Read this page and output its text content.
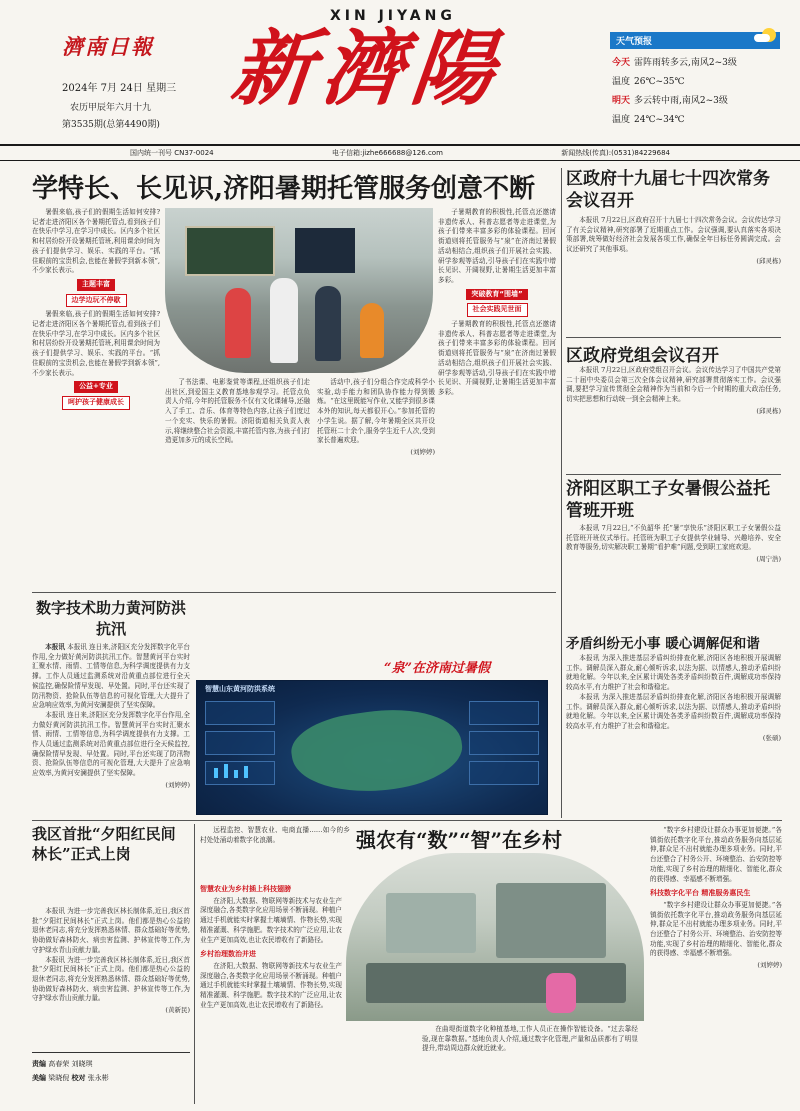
濟南日報
2024年 7月 24日 星期三
农历甲辰年六月十九
第3535期(总第4490期)
XIN JIYANG
新濟陽	天气预报
今天 雷阵雨转多云,南风2~3级
温度 26℃~35℃
明天 多云转中雨,南风2~3级
温度 24℃~34℃
国内统一刊号 CN37-0024	电子信箱:jizhe666688@126.com	新闻热线(传真):(0531)84229684
学特长、长见识,济阳暑期托管服务创意不断

暑假来临,孩子们的假期生活如何安排?记者走进济阳区各个暑期托管点,看到孩子们在快乐中学习,在学习中成长。区内多个社区和村居纷纷开设暑期托管班,利用课余时间为孩子们提供学习、娱乐、实践的平台。“抓住眼前的宝贵机会,也能在暑假学到新本领”,不少家长表示。

主题丰富
边学边玩不停歇

暑假来临,孩子们的假期生活如何安排?记者走进济阳区各个暑期托管点,看到孩子们在快乐中学习,在学习中成长。区内多个社区和村居纷纷开设暑期托管班,利用课余时间为孩子们提供学习、娱乐、实践的平台。“抓住眼前的宝贵机会,也能在暑假学到新本领”,不少家长表示。

公益+专业
呵护孩子健康成长

了书法课、电影鉴赏等课程,还组织孩子们走出社区,到爱国主义教育基地参观学习。托管点负责人介绍,今年的托管服务不仅有文化课辅导,还融入了手工、音乐、体育等特色内容,让孩子们度过一个充实、快乐的暑假。济阳街道相关负责人表示,将继续整合社会资源,丰富托管内容,为孩子们打造更加多元的成长空间。

活动中,孩子们分组合作完成科学小实验,动手能力和团队协作能力得到锻炼。“在这里既能写作业,又能学到很多课本外的知识,每天都很开心。”参加托管的小学生说。据了解,今年暑期全区共开设托管班二十余个,服务学生近千人次,受到家长普遍欢迎。

(刘婷婷)

子暑期教育的积极性,托管点还邀请非遗传承人、科普志愿者等走进课堂,为孩子们带来丰富多彩的体验课程。回河街道则将托管服务与“泉”在济南过暑假活动相结合,组织孩子们开展社会实践、研学参观等活动,引导孩子们在实践中增长见识、开阔视野,让暑期生活更加丰富多彩。

突破教育“围墙”
社会实践见世面

子暑期教育的积极性,托管点还邀请非遗传承人、科普志愿者等走进课堂,为孩子们带来丰富多彩的体验课程。回河街道则将托管服务与“泉”在济南过暑假活动相结合,组织孩子们开展社会实践、研学参观等活动,引导孩子们在实践中增长见识、开阔视野,让暑期生活更加丰富多彩。

“泉”在济南过暑假
数字技术助力黄河防洪抗汛

本报讯 本报讯 连日来,济阳区充分发挥数字化平台作用,全力做好黄河防洪抗汛工作。智慧黄河平台实时汇聚水情、雨情、工情等信息,为科学调度提供有力支撑。工作人员通过监测系统对沿黄重点部位进行全天候监控,确保险情早发现、早处置。同时,平台还实现了防汛物资、抢险队伍等信息的可视化管理,大大提升了应急响应效率,为黄河安澜提供了坚实保障。

本报讯 连日来,济阳区充分发挥数字化平台作用,全力做好黄河防洪抗汛工作。智慧黄河平台实时汇聚水情、雨情、工情等信息,为科学调度提供有力支撑。工作人员通过监测系统对沿黄重点部位进行全天候监控,确保险情早发现、早处置。同时,平台还实现了防汛物资、抢险队伍等信息的可视化管理,大大提升了应急响应效率,为黄河安澜提供了坚实保障。

(刘婷婷)
智慧山东黄河防洪系统
区政府十九届七十四次常务会议召开

本报讯 7月22日,区政府召开十九届七十四次常务会议。会议传达学习了有关会议精神,研究部署了近期重点工作。会议强调,要认真落实各项决策部署,统筹做好经济社会发展各项工作,确保全年目标任务圆满完成。会议还研究了其他事项。

(邱灵栋)
区政府党组会议召开

本报讯 7月22日,区政府党组召开会议。会议传达学习了中国共产党第二十届中央委员会第三次全体会议精神,研究部署贯彻落实工作。会议强调,要把学习宣传贯彻全会精神作为当前和今后一个时期的重大政治任务,切实把思想和行动统一到全会精神上来。

(邱灵栋)
济阳区职工子女暑假公益托管班开班

本报讯 7月22日,“不负韶华 托”暑“享快乐”济阳区职工子女暑假公益托管班开班仪式举行。托管班为职工子女提供学业辅导、兴趣培养、安全教育等服务,切实解决职工暑期“看护难”问题,受到职工家庭欢迎。

(周宁浩)
矛盾纠纷无小事 暖心调解促和谐

本报讯 为深入推进基层矛盾纠纷排查化解,济阳区各地积极开展调解工作。调解员深入群众,耐心倾听诉求,以法为据、以情感人,推动矛盾纠纷就地化解。今年以来,全区累计调处各类矛盾纠纷数百件,调解成功率保持较高水平,有力维护了社会和谐稳定。

本报讯 为深入推进基层矛盾纠纷排查化解,济阳区各地积极开展调解工作。调解员深入群众,耐心倾听诉求,以法为据、以情感人,推动矛盾纠纷就地化解。今年以来,全区累计调处各类矛盾纠纷数百件,调解成功率保持较高水平,有力维护了社会和谐稳定。

(张硕)
我区首批“夕阳红民间林长”正式上岗

本报讯 为进一步完善我区林长制体系,近日,我区首批“夕阳红民间林长”正式上岗。他们都是热心公益的退休老同志,将充分发挥熟悉林情、群众基础好等优势,协助做好森林防火、病虫害监测、护林宣传等工作,为守护绿水青山贡献力量。

本报讯 为进一步完善我区林长制体系,近日,我区首批“夕阳红民间林长”正式上岗。他们都是热心公益的退休老同志,将充分发挥熟悉林情、群众基础好等优势,协助做好森林防火、病虫害监测、护林宣传等工作,为守护绿水青山贡献力量。

(黄新民)
责编 高春荣 刘晓琪
美编 梁晓倪 校对 张永彬
强农有“数”“智”在乡村

远程监控、智慧农业、电商直播……如今的乡村处处涌动着数字化浪潮。

智慧农业为乡村插上科技翅膀

在济阳,大数据、物联网等新技术与农业生产深度融合,各类数字化应用场景不断涌现。种植户通过手机就能实时掌握土壤墒情、作物长势,实现精准灌溉、科学施肥。数字技术的广泛应用,让农业生产更加高效,也让农民增收有了新路径。

乡村治理数治并进

在济阳,大数据、物联网等新技术与农业生产深度融合,各类数字化应用场景不断涌现。种植户通过手机就能实时掌握土壤墒情、作物长势,实现精准灌溉、科学施肥。数字技术的广泛应用,让农业生产更加高效,也让农民增收有了新路径。

在曲堤街道数字化种植基地,工作人员正在操作智能设备。“过去靠经验,现在靠数据。”基地负责人介绍,通过数字化管理,产量和品质都有了明显提升,带动周边群众就近就业。

“数字乡村建设让群众办事更加便捷。”各镇街依托数字化平台,推动政务服务向基层延伸,群众足不出村就能办理多项业务。同时,平台还整合了村务公开、环境整治、治安防控等功能,实现了乡村治理的精细化、智能化,群众的获得感、幸福感不断增强。

科技数字化平台 精准服务惠民生

“数字乡村建设让群众办事更加便捷。”各镇街依托数字化平台,推动政务服务向基层延伸,群众足不出村就能办理多项业务。同时,平台还整合了村务公开、环境整治、治安防控等功能,实现了乡村治理的精细化、智能化,群众的获得感、幸福感不断增强。

(刘婷婷)
